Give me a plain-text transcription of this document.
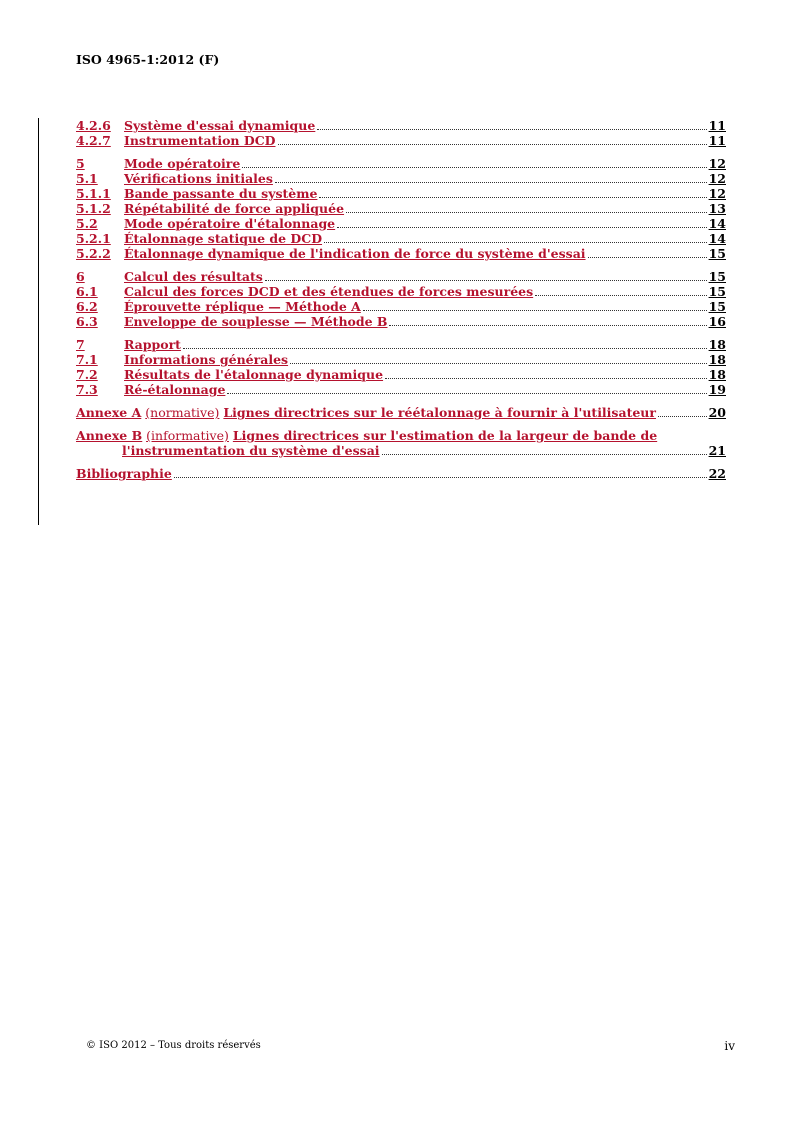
ISO 4965-1:2012 (F)
4.2.6	Système d'essai dynamique	11
4.2.7	Instrumentation DCD	11
5	Mode opératoire	12
5.1	Vérifications initiales	12
5.1.1	Bande passante du système	12
5.1.2	Répétabilité de force appliquée	13
5.2	Mode opératoire d'étalonnage	14
5.2.1	Étalonnage statique de DCD	14
5.2.2	Étalonnage dynamique de l'indication de force du système d'essai	15
6	Calcul des résultats	15
6.1	Calcul des forces DCD et des étendues de forces mesurées	15
6.2	Éprouvette réplique — Méthode A	15
6.3	Enveloppe de souplesse — Méthode B	16
7	Rapport	18
7.1	Informations générales	18
7.2	Résultats de l'étalonnage dynamique	18
7.3	Ré-étalonnage	19
Annexe A (normative) Lignes directrices sur le réétalonnage à fournir à l'utilisateur	20
Annexe B (informative) Lignes directrices sur l'estimation de la largeur de bande de
l'instrumentation du système d'essai	21
Bibliographie	22
© ISO 2012 – Tous droits réservés	iv
